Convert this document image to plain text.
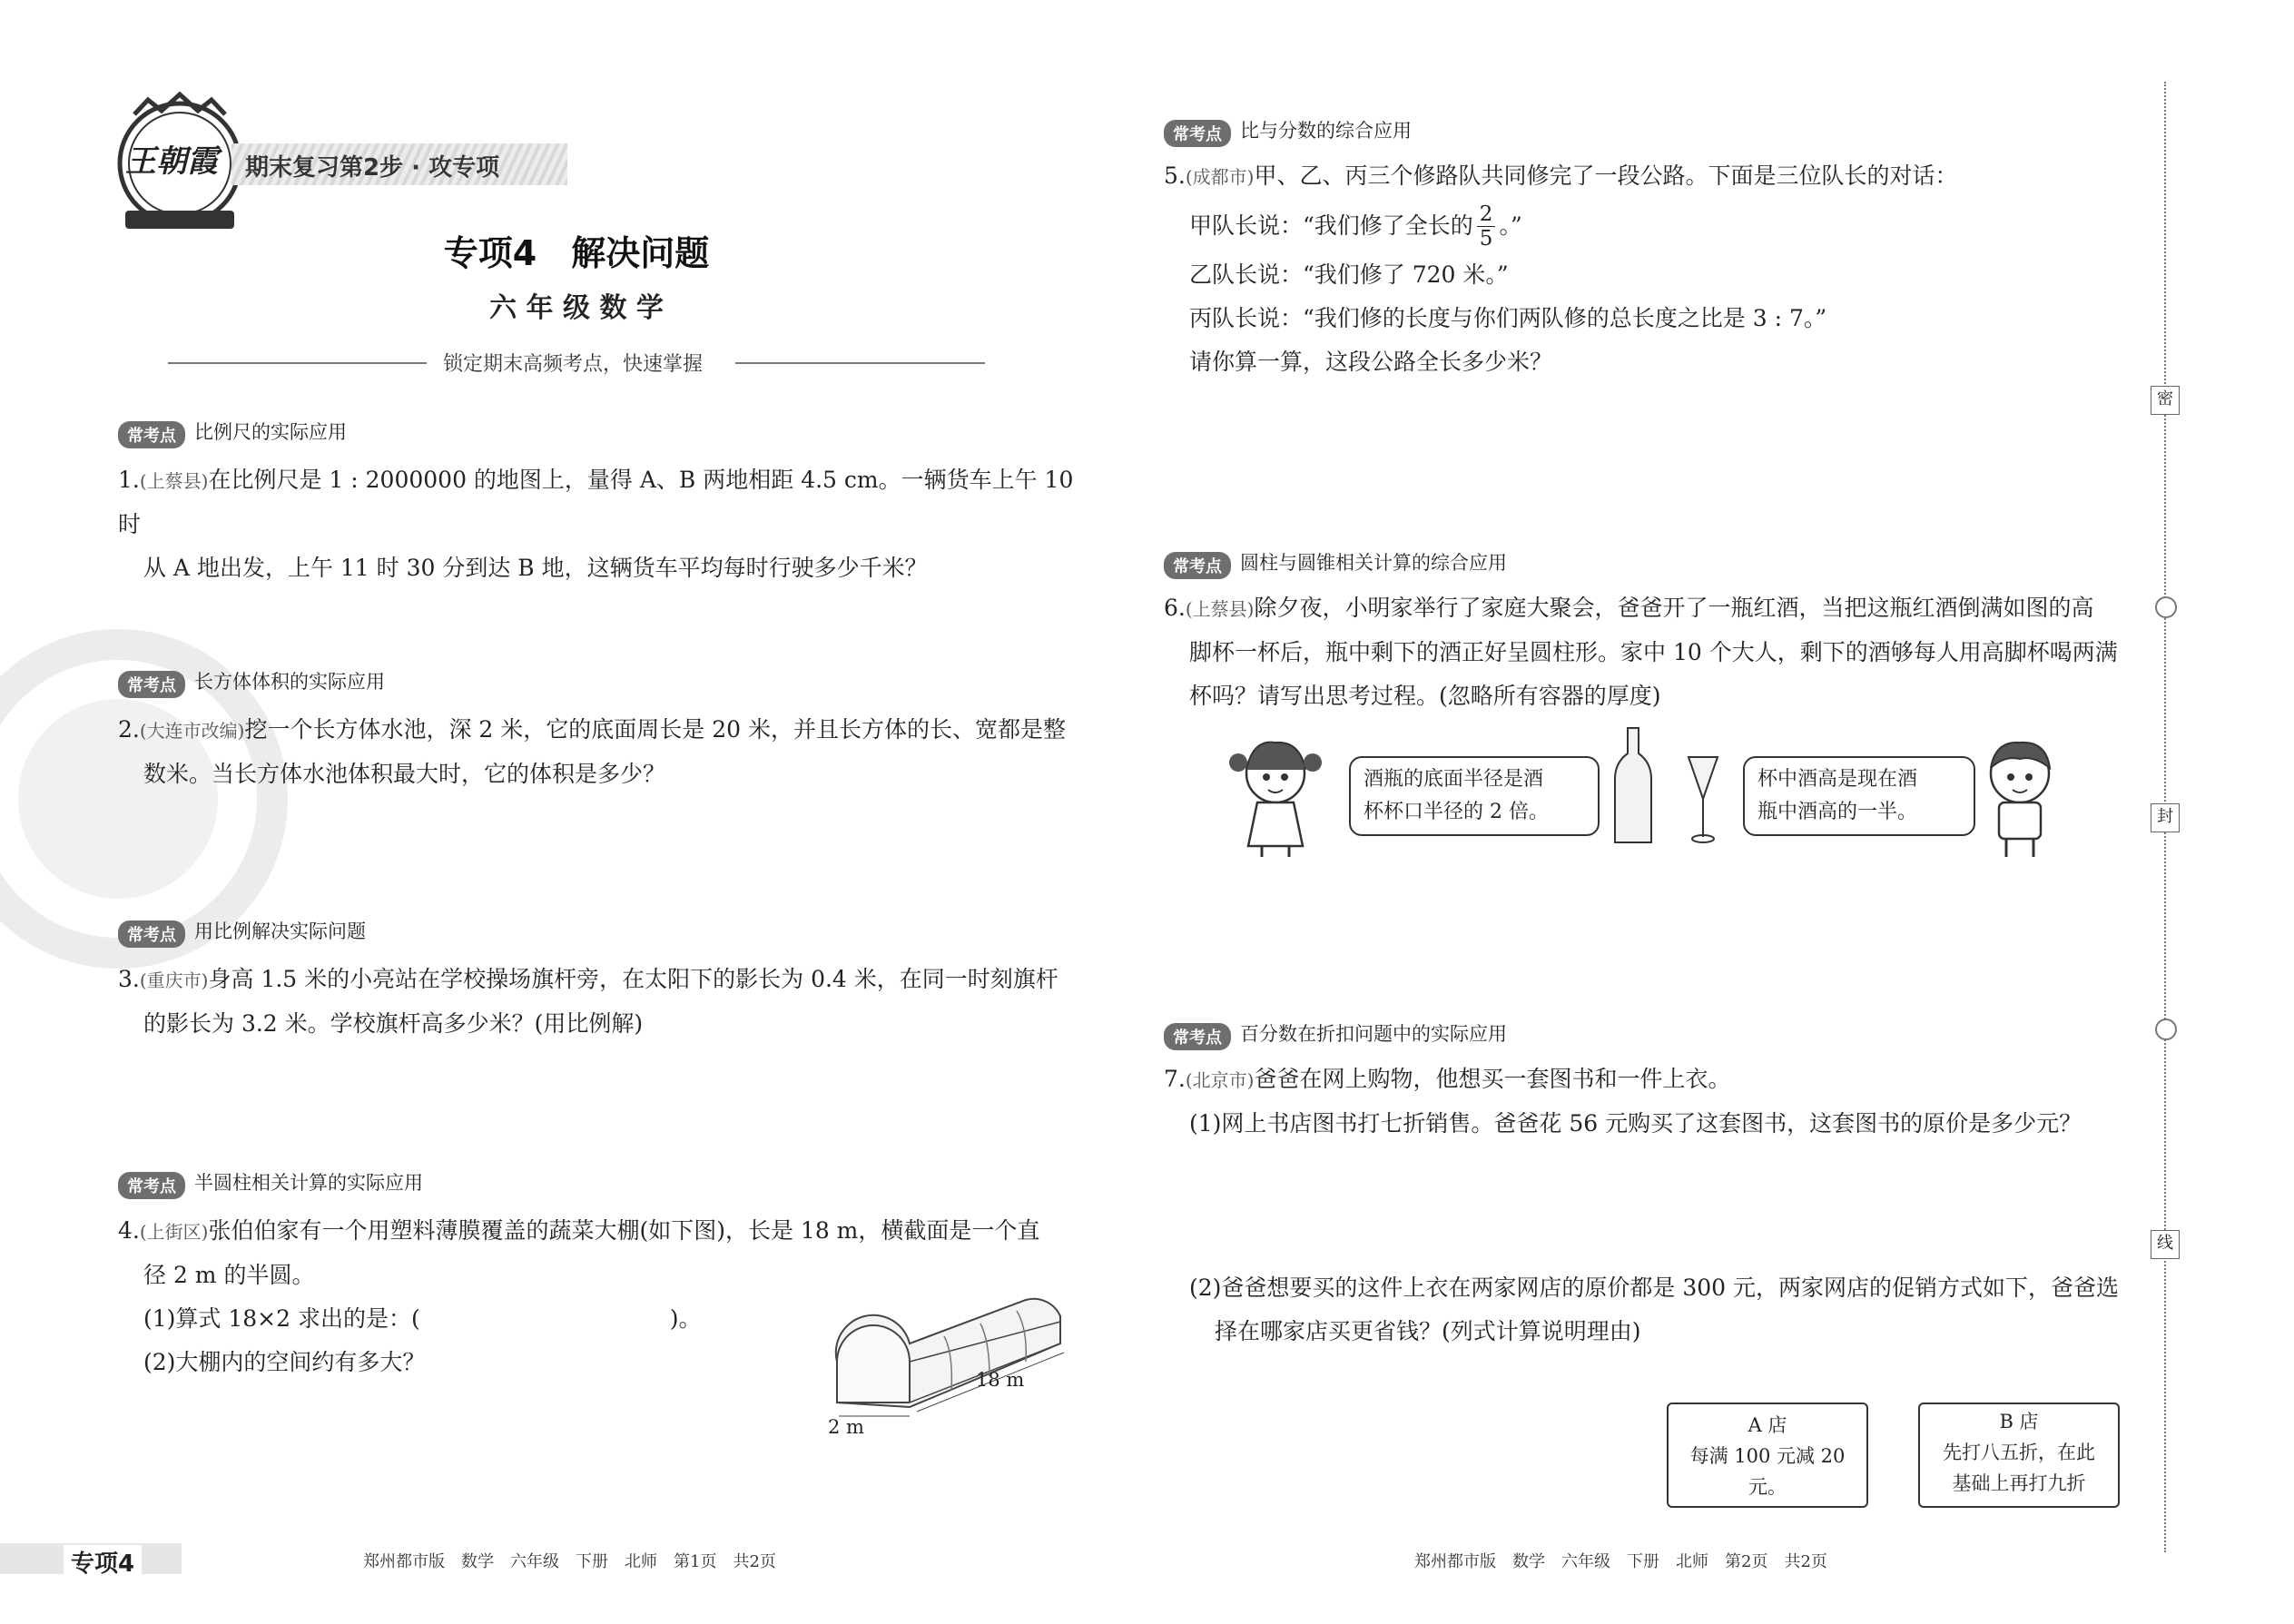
王朝霞 期末复习第2步 · 攻专项
专项4　解决问题
六 年 级 数 学
锁定期末高频考点，快速掌握
常考点 比例尺的实际应用
1.(上蔡县)在比例尺是 1 : 2000000 的地图上，量得 A、B 两地相距 4.5 cm。一辆货车上午 10 时
从 A 地出发，上午 11 时 30 分到达 B 地，这辆货车平均每时行驶多少千米？
常考点 长方体体积的实际应用
2.(大连市改编)挖一个长方体水池，深 2 米，它的底面周长是 20 米，并且长方体的长、宽都是整
数米。当长方体水池体积最大时，它的体积是多少？
常考点 用比例解决实际问题
3.(重庆市)身高 1.5 米的小亮站在学校操场旗杆旁，在太阳下的影长为 0.4 米，在同一时刻旗杆
的影长为 3.2 米。学校旗杆高多少米？(用比例解)
常考点 半圆柱相关计算的实际应用
4.(上街区)张伯伯家有一个用塑料薄膜覆盖的蔬菜大棚(如下图)，长是 18 m，横截面是一个直
径 2 m 的半圆。
(1)算式 18×2 求出的是：(　　　　　　　　　　　)。
(2)大棚内的空间约有多大？
18 m
2 m
常考点 比与分数的综合应用
5.(成都市)甲、乙、丙三个修路队共同修完了一段公路。下面是三位队长的对话：
甲队长说：“我们修了全长的 $\frac{2}{5}$ 。”
乙队长说：“我们修了 720 米。”
丙队长说：“我们修的长度与你们两队修的总长度之比是 3 : 7。”
请你算一算，这段公路全长多少米？
常考点 圆柱与圆锥相关计算的综合应用
6.(上蔡县)除夕夜，小明家举行了家庭大聚会，爸爸开了一瓶红酒，当把这瓶红酒倒满如图的高
脚杯一杯后，瓶中剩下的酒正好呈圆柱形。家中 10 个大人，剩下的酒够每人用高脚杯喝两满
杯吗？请写出思考过程。(忽略所有容器的厚度)
酒瓶的底面半径是酒
杯杯口半径的 2 倍。
杯中酒高是现在酒
瓶中酒高的一半。
常考点 百分数在折扣问题中的实际应用
7.(北京市)爸爸在网上购物，他想买一套图书和一件上衣。
(1)网上书店图书打七折销售。爸爸花 56 元购买了这套图书，这套图书的原价是多少元？
(2)爸爸想要买的这件上衣在两家网店的原价都是 300 元，两家网店的促销方式如下，爸爸选
择在哪家店买更省钱？(列式计算说明理由)
A 店
每满 100 元减 20 元。
B 店
先打八五折，在此
基础上再打九折
密
封
线
专项4	郑州都市版　数学　六年级　下册　北师　第1页　共2页	郑州都市版　数学　六年级　下册　北师　第2页　共2页
